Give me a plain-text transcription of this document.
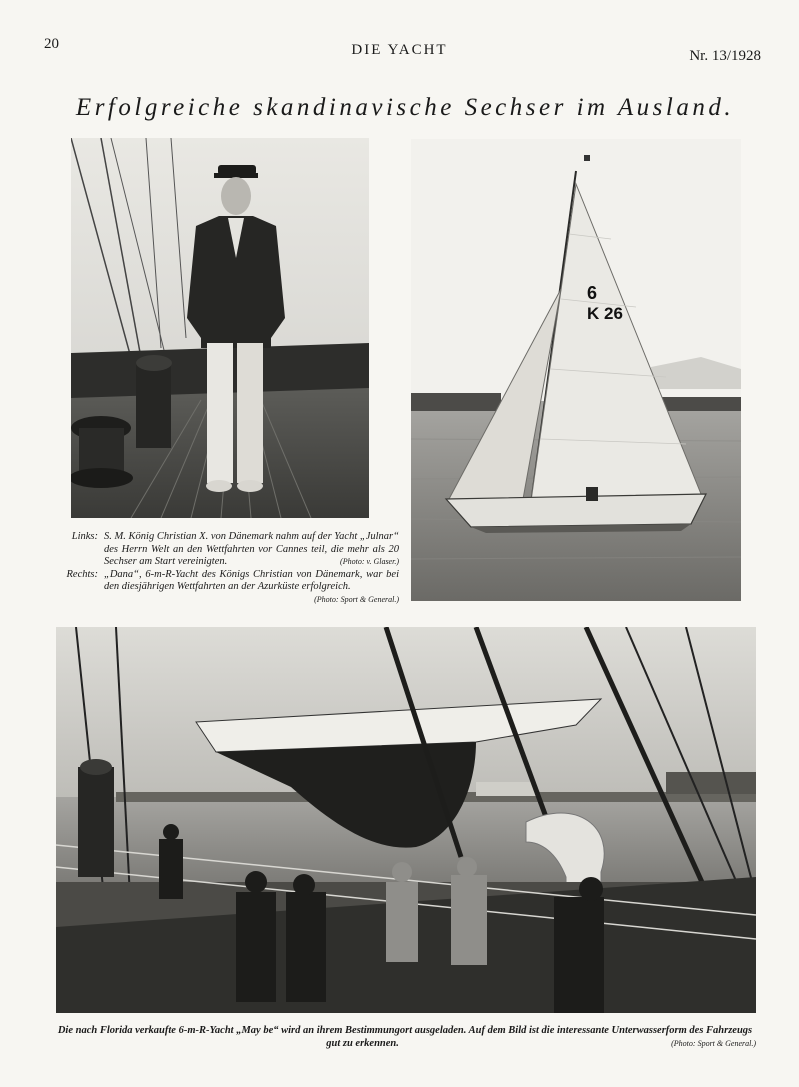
20	DIE YACHT	Nr. 13/1928
Erfolgreiche skandinavische Sechser im Ausland.
6
K 26
Links: S. M. König Christian X. von Dänemark nahm auf der Yacht „Julnar“ des Herrn Welt an den Wettfahrten vor Cannes teil, die mehr als 20 Sechser am Start vereinigten.	(Photo: v. Glaser.)
Rechts: „Dana“, 6-m-R-Yacht des Königs Christian von Dänemark, war bei den diesjährigen Wettfahrten an der Azurküste erfolgreich.
(Photo: Sport & General.)
Die nach Florida verkaufte 6-m-R-Yacht „May be“ wird an ihrem Bestimmungort ausgeladen. Auf dem Bild ist die interessante Unterwasserform des Fahrzeugs gut zu erkennen.	(Photo: Sport & General.)
